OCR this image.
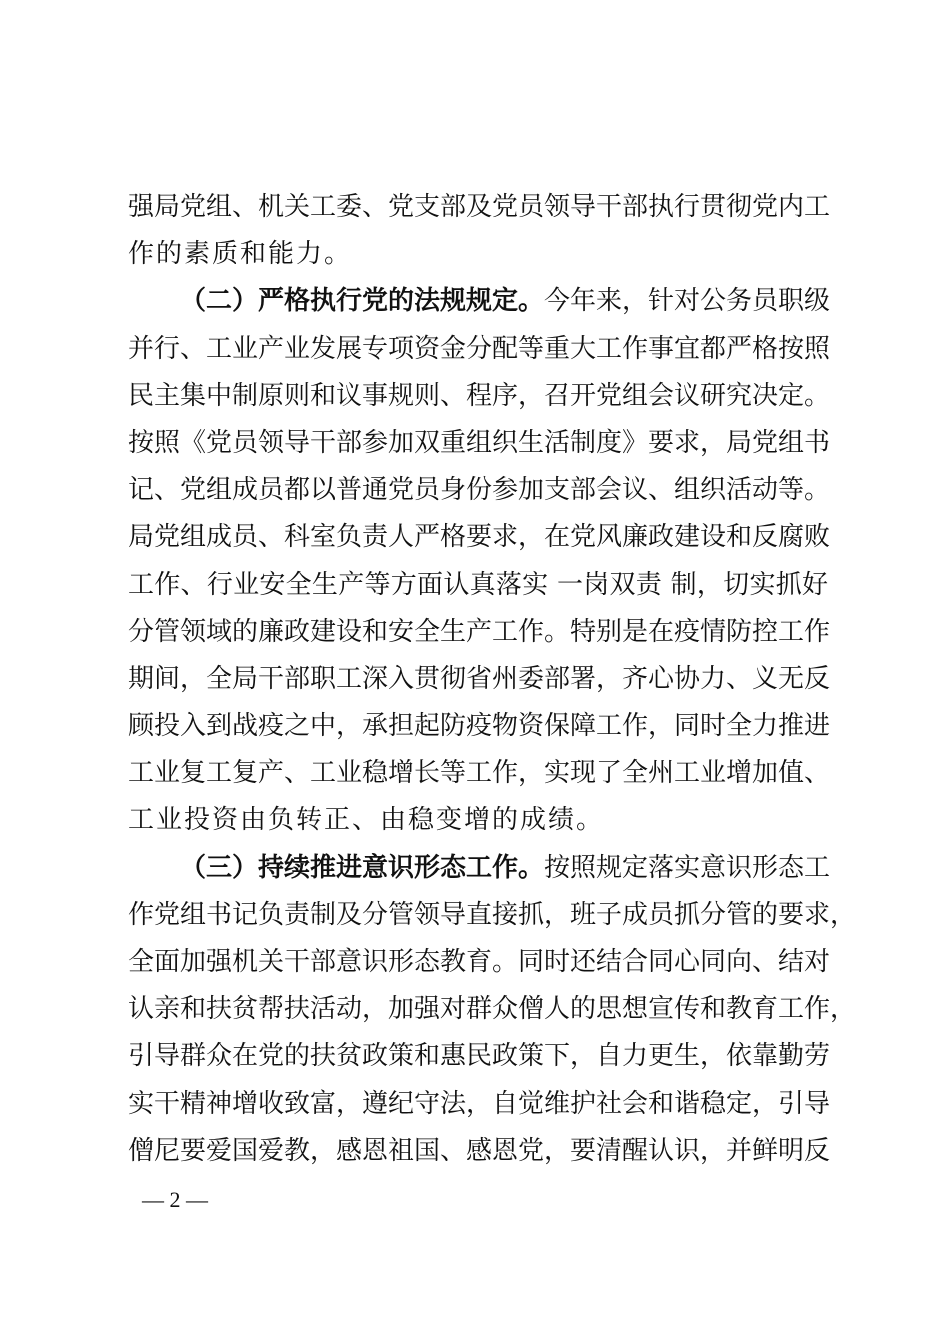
强局党组、机关工委、党支部及党员领导干部执行贯彻党内工
作的素质和能力。
（二）严格执行党的法规规定。今年来，针对公务员职级
并行、工业产业发展专项资金分配等重大工作事宜都严格按照
民主集中制原则和议事规则、程序，召开党组会议研究决定。
按照《党员领导干部参加双重组织生活制度》要求，局党组书
记、党组成员都以普通党员身份参加支部会议、组织活动等。
局党组成员、科室负责人严格要求，在党风廉政建设和反腐败
工作、行业安全生产等方面认真落实 一岗双责 制，切实抓好
分管领域的廉政建设和安全生产工作。特别是在疫情防控工作
期间，全局干部职工深入贯彻省州委部署，齐心协力、义无反
顾投入到战疫之中，承担起防疫物资保障工作，同时全力推进
工业复工复产、工业稳增长等工作，实现了全州工业增加值、
工业投资由负转正、由稳变增的成绩。
（三）持续推进意识形态工作。按照规定落实意识形态工
作党组书记负责制及分管领导直接抓，班子成员抓分管的要求，
全面加强机关干部意识形态教育。同时还结合同心同向、结对
认亲和扶贫帮扶活动，加强对群众僧人的思想宣传和教育工作，
引导群众在党的扶贫政策和惠民政策下，自力更生，依靠勤劳
实干精神增收致富，遵纪守法，自觉维护社会和谐稳定，引导
僧尼要爱国爱教，感恩祖国、感恩党，要清醒认识，并鲜明反
— 2 —
